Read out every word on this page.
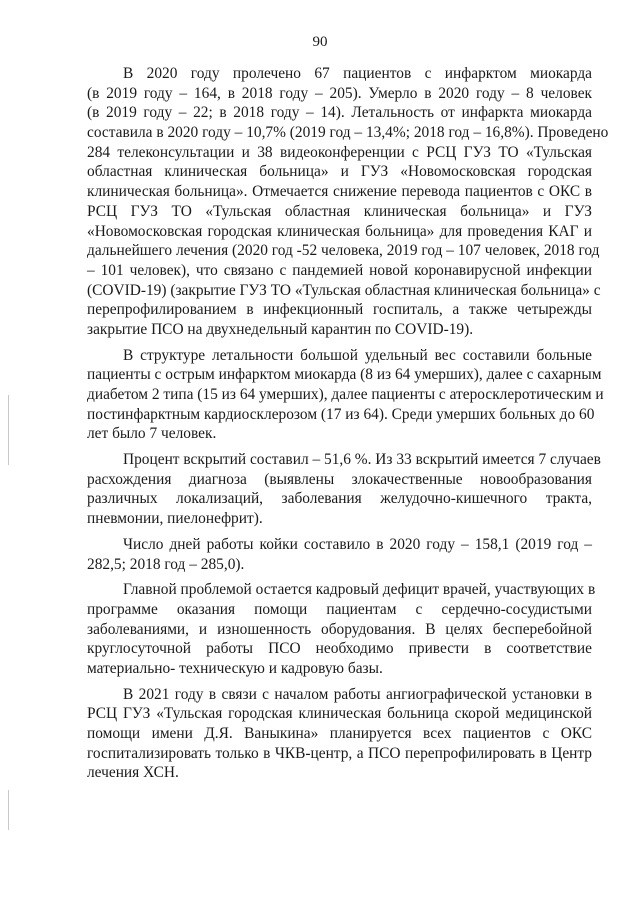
90
В 2020 году пролечено 67 пациентов с инфарктом миокарда
(в 2019 году – 164, в 2018 году – 205). Умерло в 2020 году – 8 человек
(в 2019 году – 22; в 2018 году – 14). Летальность от инфаркта миокарда
составила в 2020 году – 10,7% (2019 год – 13,4%; 2018 год – 16,8%). Проведено
284 телеконсультации и 38 видеоконференции с РСЦ ГУЗ ТО «Тульская
областная клиническая больница» и ГУЗ «Новомосковская городская
клиническая больница». Отмечается снижение перевода пациентов с ОКС в
РСЦ ГУЗ ТО «Тульская областная клиническая больница» и ГУЗ
«Новомосковская городская клиническая больница» для проведения КАГ и
дальнейшего лечения (2020 год -52 человека, 2019 год – 107 человек, 2018 год
– 101 человек), что связано с пандемией новой коронавирусной инфекции
(COVID-19) (закрытие ГУЗ ТО «Тульская областная клиническая больница» с
перепрофилированием в инфекционный госпиталь, а также четырежды
закрытие ПСО на двухнедельный карантин по COVID-19).
В структуре летальности большой удельный вес составили больные
пациенты с острым инфарктом миокарда (8 из 64 умерших), далее с сахарным
диабетом 2 типа (15 из 64 умерших), далее пациенты с атеросклеротическим и
постинфарктным кардиосклерозом (17 из 64). Среди умерших больных до 60
лет было 7 человек.
Процент вскрытий составил – 51,6 %. Из 33 вскрытий имеется 7 случаев
расхождения диагноза (выявлены злокачественные новообразования
различных локализаций, заболевания желудочно-кишечного тракта,
пневмонии, пиелонефрит).
Число дней работы койки составило в 2020 году – 158,1 (2019 год –
282,5; 2018 год – 285,0).
Главной проблемой остается кадровый дефицит врачей, участвующих в
программе оказания помощи пациентам с сердечно-сосудистыми
заболеваниями, и изношенность оборудования. В целях бесперебойной
круглосуточной работы ПСО необходимо привести в соответствие
материально- техническую и кадровую базы.
В 2021 году в связи с началом работы ангиографической установки в
РСЦ ГУЗ «Тульская городская клиническая больница скорой медицинской
помощи имени Д.Я. Ваныкина» планируется всех пациентов с ОКС
госпитализировать только в ЧКВ-центр, а ПСО перепрофилировать в Центр
лечения ХСН.
